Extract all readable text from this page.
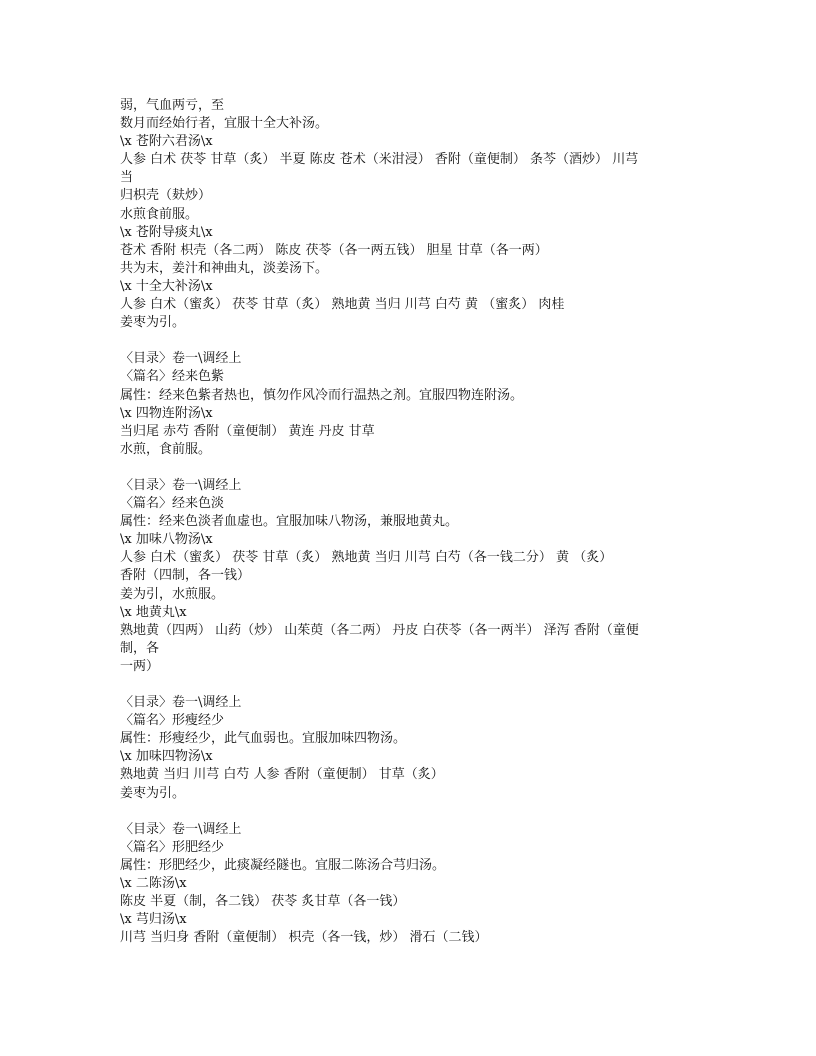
弱，气血两亏，至
数月而经始行者，宜服十全大补汤。
\x 苍附六君汤\x
人参 白术 茯苓 甘草（炙） 半夏 陈皮 苍术（米泔浸） 香附（童便制） 条芩（酒炒） 川芎
当
归枳壳（麸炒）
水煎食前服。
\x 苍附导痰丸\x
苍术 香附 枳壳（各二两） 陈皮 茯苓（各一两五钱） 胆星 甘草（各一两）
共为末，姜汁和神曲丸，淡姜汤下。
\x 十全大补汤\x
人参 白术（蜜炙） 茯苓 甘草（炙） 熟地黄 当归 川芎 白芍 黄 （蜜炙） 肉桂
姜枣为引。
〈目录〉卷一\调经上
〈篇名〉经来色紫
属性：经来色紫者热也，慎勿作风冷而行温热之剂。宜服四物连附汤。
\x 四物连附汤\x
当归尾 赤芍 香附（童便制） 黄连 丹皮 甘草
水煎，食前服。
〈目录〉卷一\调经上
〈篇名〉经来色淡
属性：经来色淡者血虚也。宜服加味八物汤，兼服地黄丸。
\x 加味八物汤\x
人参 白术（蜜炙） 茯苓 甘草（炙） 熟地黄 当归 川芎 白芍（各一钱二分） 黄 （炙）
香附（四制，各一钱）
姜为引，水煎服。
\x 地黄丸\x
熟地黄（四两） 山药（炒） 山茱萸（各二两） 丹皮 白茯苓（各一两半） 泽泻 香附（童便
制，各
一两）
〈目录〉卷一\调经上
〈篇名〉形瘦经少
属性：形瘦经少，此气血弱也。宜服加味四物汤。
\x 加味四物汤\x
熟地黄 当归 川芎 白芍 人参 香附（童便制） 甘草（炙）
姜枣为引。
〈目录〉卷一\调经上
〈篇名〉形肥经少
属性：形肥经少，此痰凝经隧也。宜服二陈汤合芎归汤。
\x 二陈汤\x
陈皮 半夏（制，各二钱） 茯苓 炙甘草（各一钱）
\x 芎归汤\x
川芎 当归身 香附（童便制） 枳壳（各一钱，炒） 滑石（二钱）
